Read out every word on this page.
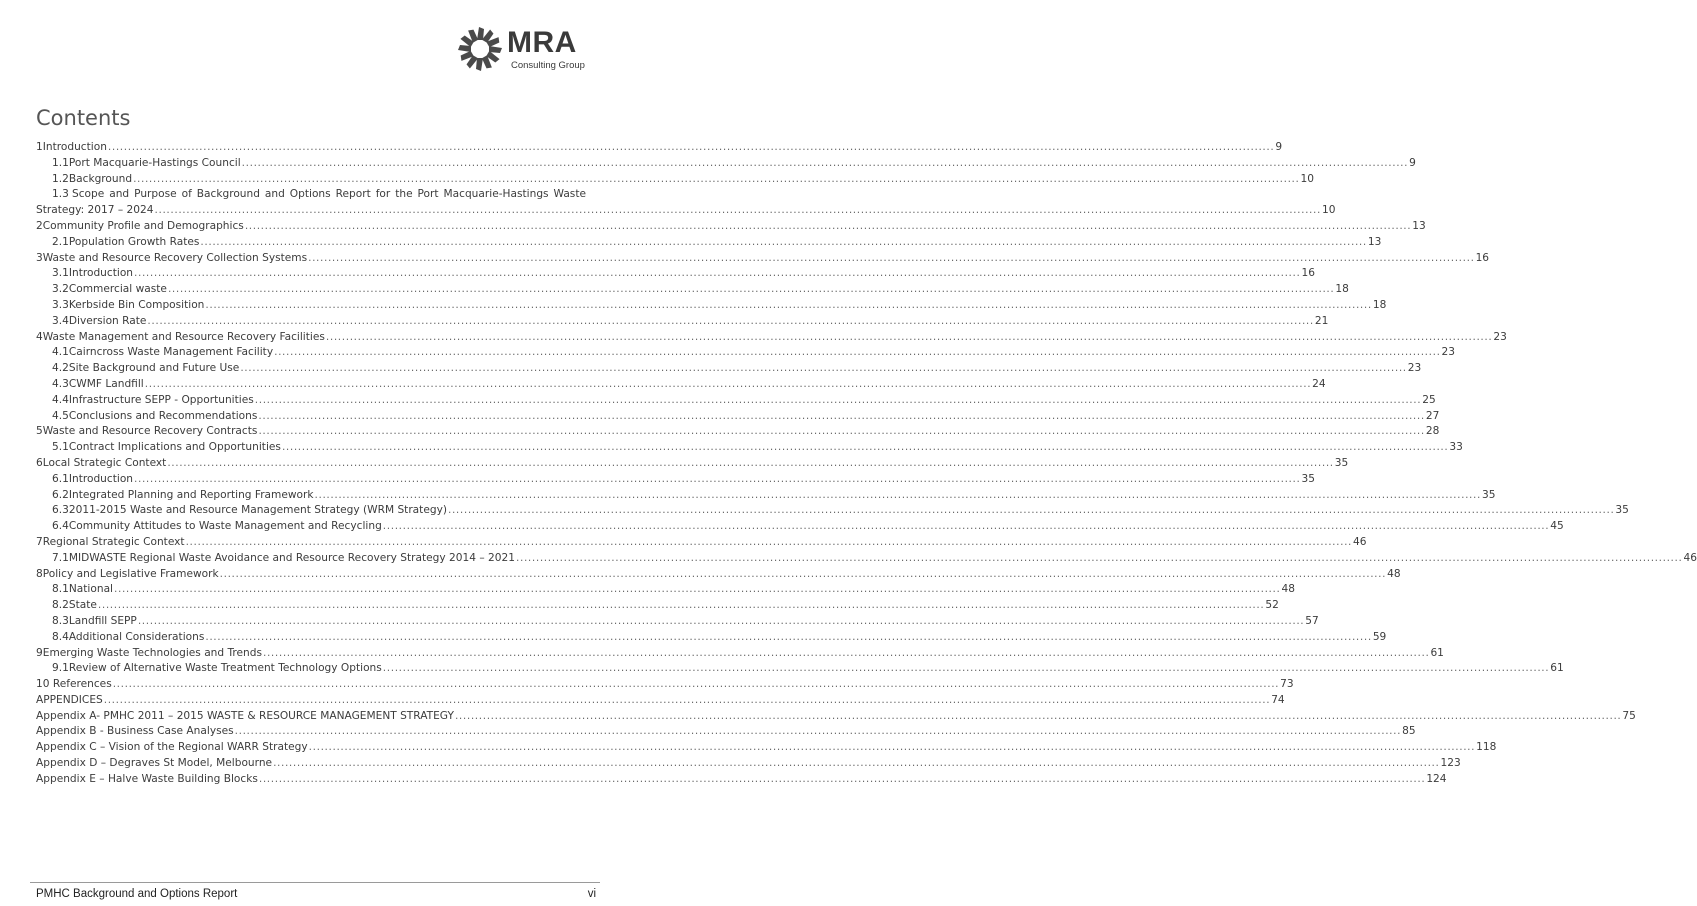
MRA
Consulting Group
Contents
1 Introduction .....	9
1.1 Port Macquarie-Hastings Council .....	9
1.2 Background .....	10
1.3 Scope and Purpose of Background and Options Report for the Port Macquarie-Hastings Waste
Strategy: 2017 – 2024 .....	10
2 Community Profile and Demographics .....	13
2.1 Population Growth Rates .....	13
3 Waste and Resource Recovery Collection Systems .....	16
3.1 Introduction .....	16
3.2 Commercial waste .....	18
3.3 Kerbside Bin Composition .....	18
3.4 Diversion Rate .....	21
4 Waste Management and Resource Recovery Facilities .....	23
4.1 Cairncross Waste Management Facility .....	23
4.2 Site Background and Future Use .....	23
4.3 CWMF Landfill .....	24
4.4 Infrastructure SEPP - Opportunities .....	25
4.5 Conclusions and Recommendations .....	27
5 Waste and Resource Recovery Contracts .....	28
5.1 Contract Implications and Opportunities .....	33
6 Local Strategic Context .....	35
6.1 Introduction .....	35
6.2 Integrated Planning and Reporting Framework .....	35
6.3 2011-2015 Waste and Resource Management Strategy (WRM Strategy) .....	35
6.4 Community Attitudes to Waste Management and Recycling .....	45
7 Regional Strategic Context .....	46
7.1 MIDWASTE Regional Waste Avoidance and Resource Recovery Strategy 2014 – 2021 .....	46
8 Policy and Legislative Framework .....	48
8.1 National .....	48
8.2 State .....	52
8.3 Landfill SEPP .....	57
8.4 Additional Considerations .....	59
9 Emerging Waste Technologies and Trends .....	61
9.1 Review of Alternative Waste Treatment Technology Options .....	61
10 References .....	73
APPENDICES .....	74
Appendix A- PMHC 2011 – 2015 WASTE & RESOURCE MANAGEMENT STRATEGY .....	75
Appendix B - Business Case Analyses .....	85
Appendix C – Vision of the Regional WARR Strategy .....	118
Appendix D – Degraves St Model, Melbourne .....	123
Appendix E – Halve Waste Building Blocks .....	124
PMHC Background and Options Report	vi
